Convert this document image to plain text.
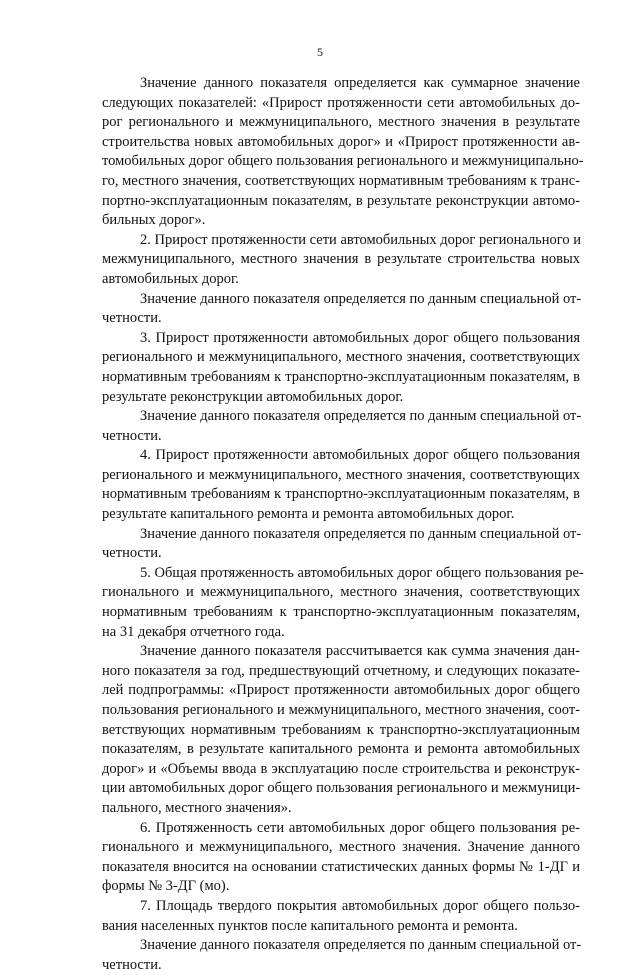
5
Значение данного показателя определяется как суммарное значение
следующих показателей: «Прирост протяженности сети автомобильных до-
рог регионального и межмуниципального, местного значения в результате
строительства новых автомобильных дорог» и «Прирост протяженности ав-
томобильных дорог общего пользования регионального и межмуниципально-
го, местного значения, соответствующих нормативным требованиям к транс-
портно-эксплуатационным показателям, в результате реконструкции автомо-
бильных дорог».
2. Прирост протяженности сети автомобильных дорог регионального и
межмуниципального, местного значения в результате строительства новых
автомобильных дорог.
Значение данного показателя определяется по данным специальной от-
четности.
3. Прирост протяженности автомобильных дорог общего пользования
регионального и межмуниципального, местного значения, соответствующих
нормативным требованиям к транспортно-эксплуатационным показателям, в
результате реконструкции автомобильных дорог.
Значение данного показателя определяется по данным специальной от-
четности.
4. Прирост протяженности автомобильных дорог общего пользования
регионального и межмуниципального, местного значения, соответствующих
нормативным требованиям к транспортно-эксплуатационным показателям, в
результате капитального ремонта и ремонта автомобильных дорог.
Значение данного показателя определяется по данным специальной от-
четности.
5. Общая протяженность автомобильных дорог общего пользования ре-
гионального и межмуниципального, местного значения, соответствующих
нормативным требованиям к транспортно-эксплуатационным показателям,
на 31 декабря отчетного года.
Значение данного показателя рассчитывается как сумма значения дан-
ного показателя за год, предшествующий отчетному, и следующих показате-
лей подпрограммы: «Прирост протяженности автомобильных дорог общего
пользования регионального и межмуниципального, местного значения, соот-
ветствующих нормативным требованиям к транспортно-эксплуатационным
показателям, в результате капитального ремонта и ремонта автомобильных
дорог» и «Объемы ввода в эксплуатацию после строительства и реконструк-
ции автомобильных дорог общего пользования регионального и межмуници-
пального, местного значения».
6. Протяженность сети автомобильных дорог общего пользования ре-
гионального и межмуниципального, местного значения. Значение данного
показателя вносится на основании статистических данных формы № 1-ДГ и
формы № 3-ДГ (мо).
7. Площадь твердого покрытия автомобильных дорог общего пользо-
вания населенных пунктов после капитального ремонта и ремонта.
Значение данного показателя определяется по данным специальной от-
четности.
